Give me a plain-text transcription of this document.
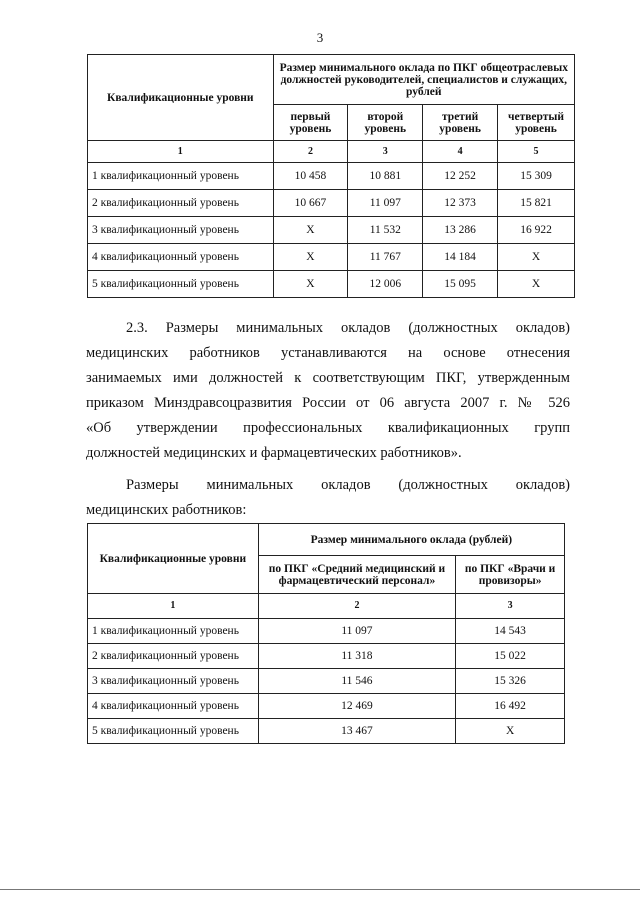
3
Квалификационные уровни	Размер минимального оклада по ПКГ общеотраслевых должностей руководителей, специалистов и служащих, рублей			
	первый уровень	второй уровень	третий уровень	четвертый уровень
1	2	3	4	5
1 квалификационный уровень	10 458	10 881	12 252	15 309
2 квалификационный уровень	10 667	11 097	12 373	15 821
3 квалификационный уровень	X	11 532	13 286	16 922
4 квалификационный уровень	X	11 767	14 184	X
5 квалификационный уровень	X	12 006	15 095	X
2.3. Размеры минимальных окладов (должностных окладов)
медицинских работников устанавливаются на основе отнесения
занимаемых ими должностей к соответствующим ПКГ, утвержденным
приказом Минздравсоцразвития России от 06 августа 2007 г. № 526
«Об утверждении профессиональных квалификационных групп
должностей медицинских и фармацевтических работников».
Размеры минимальных окладов (должностных окладов)
медицинских работников:
Квалификационные уровни	Размер минимального оклада (рублей)	
	по ПКГ «Средний медицинский и фармацевтический персонал»	по ПКГ «Врачи и провизоры»
1	2	3
1 квалификационный уровень	11 097	14 543
2 квалификационный уровень	11 318	15 022
3 квалификационный уровень	11 546	15 326
4 квалификационный уровень	12 469	16 492
5 квалификационный уровень	13 467	X
